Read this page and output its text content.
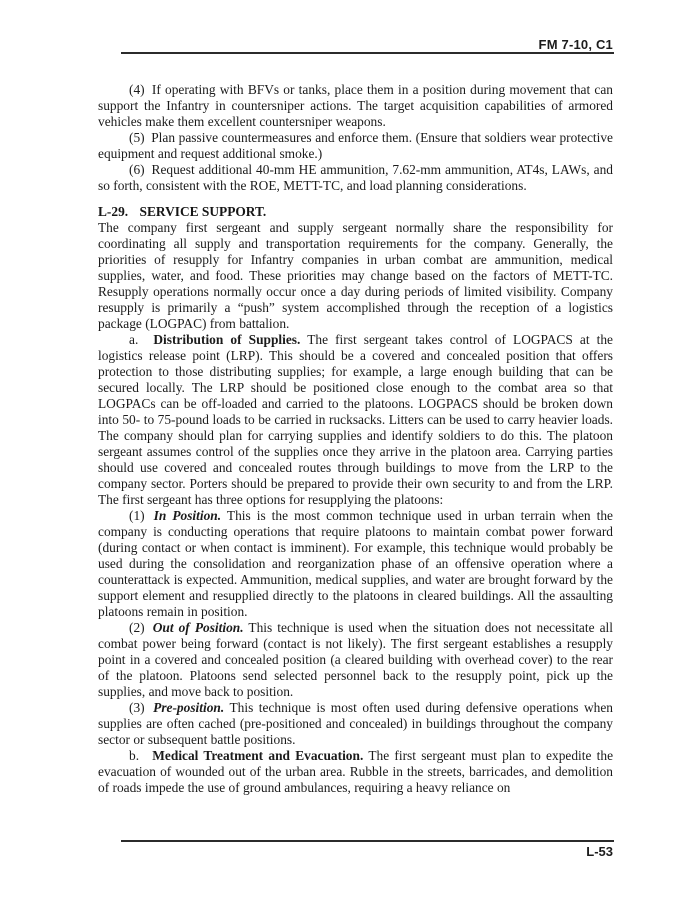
FM 7-10, C1

(4) If operating with BFVs or tanks, place them in a position during movement that can support the Infantry in countersniper actions. The target acquisition capabilities of armored vehicles make them excellent countersniper weapons.

(5) Plan passive countermeasures and enforce them. (Ensure that soldiers wear protective equipment and request additional smoke.)

(6) Request additional 40-mm HE ammunition, 7.62-mm ammunition, AT4s, LAWs, and so forth, consistent with the ROE, METT-TC, and load planning considerations.

L-29. SERVICE SUPPORT.

The company first sergeant and supply sergeant normally share the responsibility for coordinating all supply and transportation requirements for the company. Generally, the priorities of resupply for Infantry companies in urban combat are ammunition, medical supplies, water, and food. These priorities may change based on the factors of METT-TC. Resupply operations normally occur once a day during periods of limited visibility. Company resupply is primarily a “push” system accomplished through the reception of a logistics package (LOGPAC) from battalion.

a. Distribution of Supplies. The first sergeant takes control of LOGPACS at the logistics release point (LRP). This should be a covered and concealed position that offers protection to those distributing supplies; for example, a large enough building that can be secured locally. The LRP should be positioned close enough to the combat area so that LOGPACs can be off-loaded and carried to the platoons. LOGPACS should be broken down into 50- to 75-pound loads to be carried in rucksacks. Litters can be used to carry heavier loads. The company should plan for carrying supplies and identify soldiers to do this. The platoon sergeant assumes control of the supplies once they arrive in the platoon area. Carrying parties should use covered and concealed routes through buildings to move from the LRP to the company sector. Porters should be prepared to provide their own security to and from the LRP. The first sergeant has three options for resupplying the platoons:

(1) In Position. This is the most common technique used in urban terrain when the company is conducting operations that require platoons to maintain combat power forward (during contact or when contact is imminent). For example, this technique would probably be used during the consolidation and reorganization phase of an offensive operation where a counterattack is expected. Ammunition, medical supplies, and water are brought forward by the support element and resupplied directly to the platoons in cleared buildings. All the assaulting platoons remain in position.

(2) Out of Position. This technique is used when the situation does not necessitate all combat power being forward (contact is not likely). The first sergeant establishes a resupply point in a covered and concealed position (a cleared building with overhead cover) to the rear of the platoon. Platoons send selected personnel back to the resupply point, pick up the supplies, and move back to position.

(3) Pre-position. This technique is most often used during defensive operations when supplies are often cached (pre-positioned and concealed) in buildings throughout the company sector or subsequent battle positions.

b. Medical Treatment and Evacuation. The first sergeant must plan to expedite the evacuation of wounded out of the urban area. Rubble in the streets, barricades, and demolition of roads impede the use of ground ambulances, requiring a heavy reliance on

L-53
